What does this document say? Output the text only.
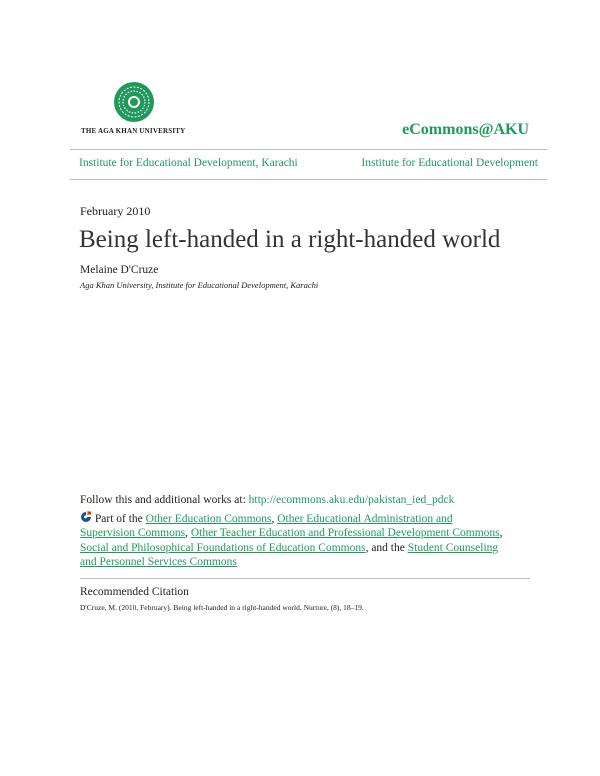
THE AGA KHAN UNIVERSITY	eCommons@AKU
Institute for Educational Development, Karachi	Institute for Educational Development
February 2010
Being left-handed in a right-handed world
Melaine D'Cruze
Aga Khan University, Institute for Educational Development, Karachi
Follow this and additional works at: http://ecommons.aku.edu/pakistan_ied_pdck
Part of the Other Education Commons, Other Educational Administration and Supervision Commons, Other Teacher Education and Professional Development Commons, Social and Philosophical Foundations of Education Commons, and the Student Counseling and Personnel Services Commons
Recommended Citation
D'Cruze, M. (2010, February). Being left-handed in a right-handed world. Nurture, (8), 18–19.
